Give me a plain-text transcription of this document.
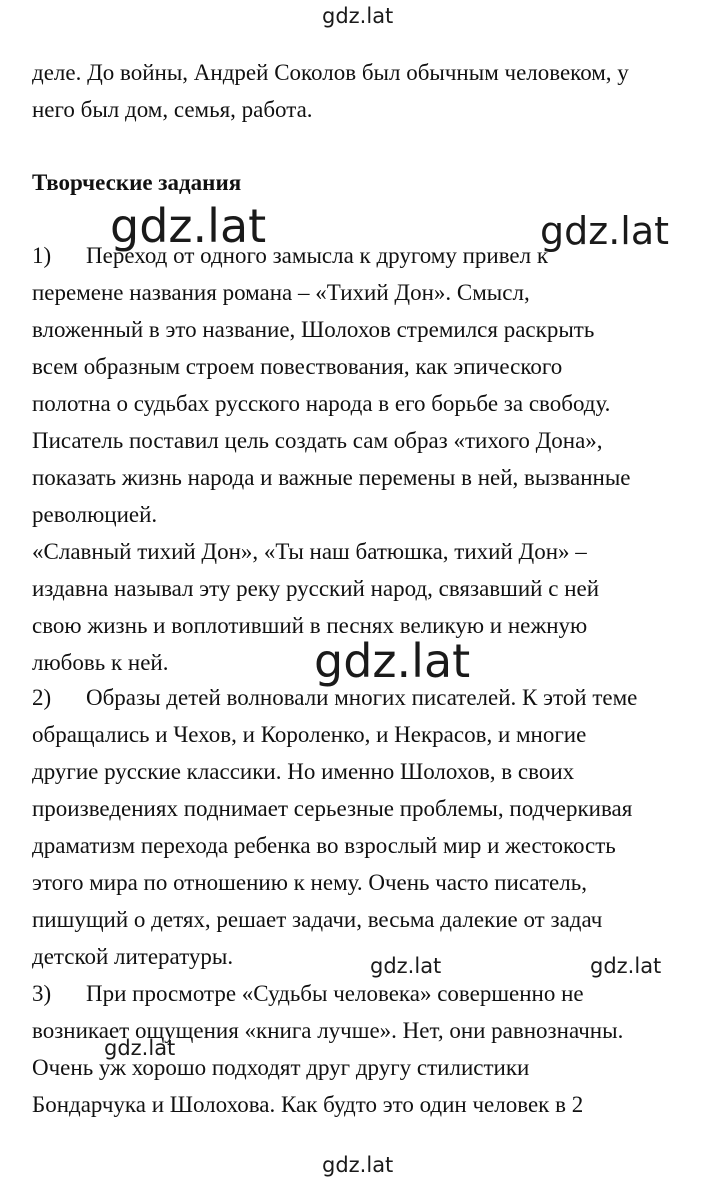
gdz.lat
деле. До войны, Андрей Соколов был обычным человеком, у
него был дом, семья, работа.
Творческие задания
gdz.lat	gdz.lat
1) Переход от одного замысла к другому привел к
перемене названия романа – «Тихий Дон». Смысл,
вложенный в это название, Шолохов стремился раскрыть
всем образным строем повествования, как эпического
полотна о судьбах русского народа в его борьбе за свободу.
Писатель поставил цель создать сам образ «тихого Дона»,
показать жизнь народа и важные перемены в ней, вызванные
революцией.
«Славный тихий Дон», «Ты наш батюшка, тихий Дон» –
издавна называл эту реку русский народ, связавший с ней
свою жизнь и воплотивший в песнях великую и нежную
любовь к ней.	gdz.lat
2) Образы детей волновали многих писателей. К этой теме
обращались и Чехов, и Короленко, и Некрасов, и многие
другие русские классики. Но именно Шолохов, в своих
произведениях поднимает серьезные проблемы, подчеркивая
драматизм перехода ребенка во взрослый мир и жестокость
этого мира по отношению к нему. Очень часто писатель,
пишущий о детях, решает задачи, весьма далекие от задач
детской литературы.	gdz.lat	gdz.lat
3) При просмотре «Судьбы человека» совершенно не
возникает ощущения «книга лучше». Нет, они равнозначны.
gdz.lat
Очень уж хорошо подходят друг другу стилистики
Бондарчука и Шолохова. Как будто это один человек в 2
gdz.lat
